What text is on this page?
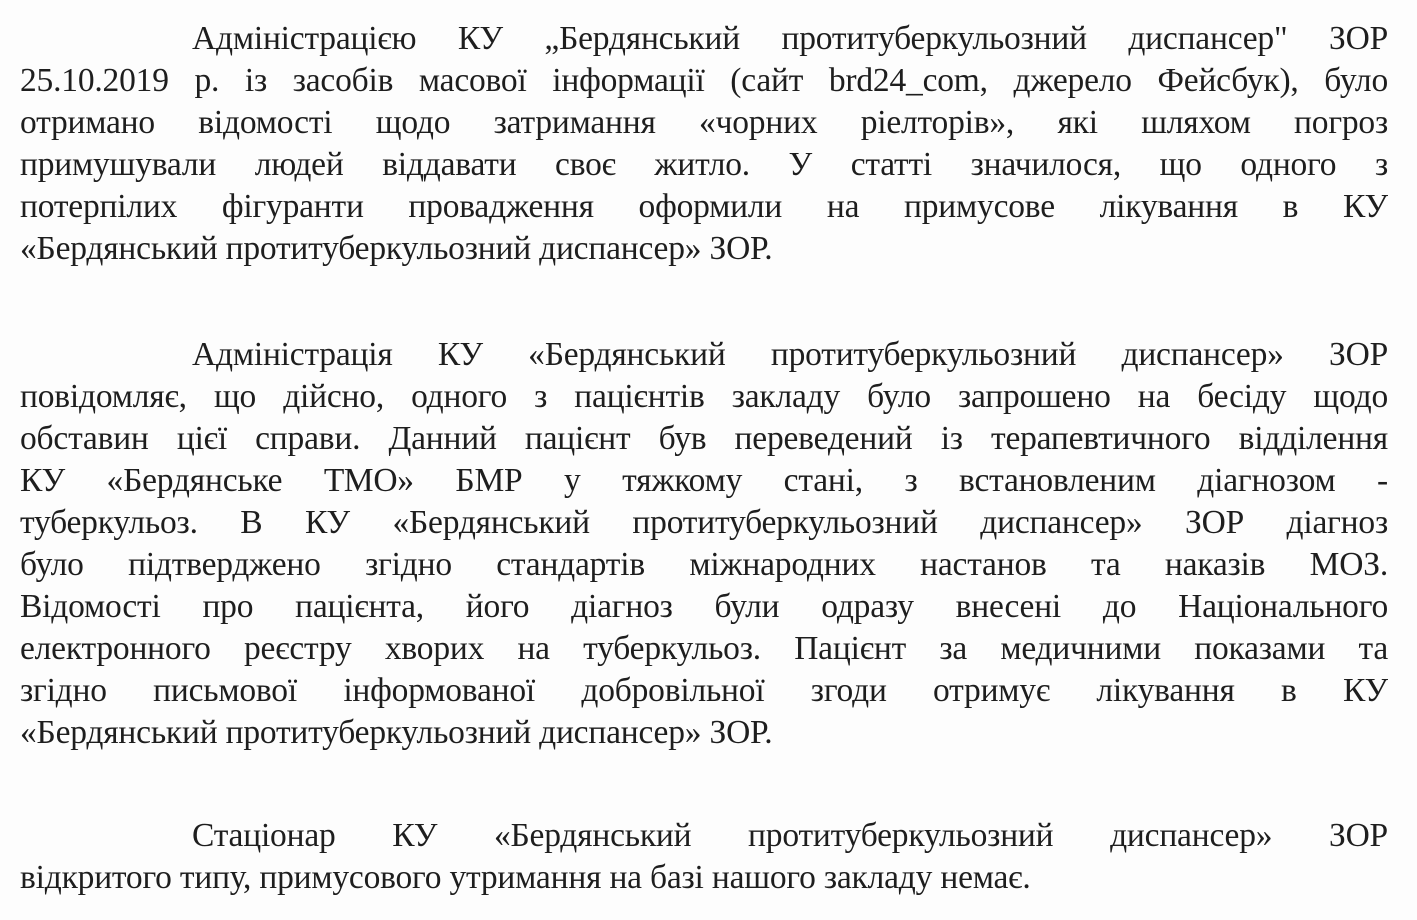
Адміністрацією КУ „Бердянський протитуберкульозний диспансер" ЗОР
25.10.2019 р. із засобів масової інформації (сайт brd24_com, джерело Фейсбук), було
отримано відомості щодо затримання «чорних ріелторів», які шляхом погроз
примушували людей віддавати своє житло. У статті значилося, що одного з
потерпілих фігуранти провадження оформили на примусове лікування в КУ
«Бердянський протитуберкульозний диспансер» ЗОР.
Адміністрація КУ «Бердянський протитуберкульозний диспансер» ЗОР
повідомляє, що дійсно, одного з пацієнтів закладу було запрошено на бесіду щодо
обставин цієї справи. Данний пацієнт був переведений із терапевтичного відділення
КУ «Бердянське ТМО» БМР у тяжкому стані, з встановленим діагнозом -
туберкульоз. В КУ «Бердянський протитуберкульозний диспансер» ЗОР діагноз
було підтверджено згідно стандартів міжнародних настанов та наказів МОЗ.
Відомості про пацієнта, його діагноз були одразу внесені до Національного
електронного реєстру хворих на туберкульоз. Пацієнт за медичними показами та
згідно письмової інформованої добровільної згоди отримує лікування в КУ
«Бердянський протитуберкульозний диспансер» ЗОР.
Стаціонар КУ «Бердянський протитуберкульозний диспансер» ЗОР
відкритого типу, примусового утримання на базі нашого закладу немає.
